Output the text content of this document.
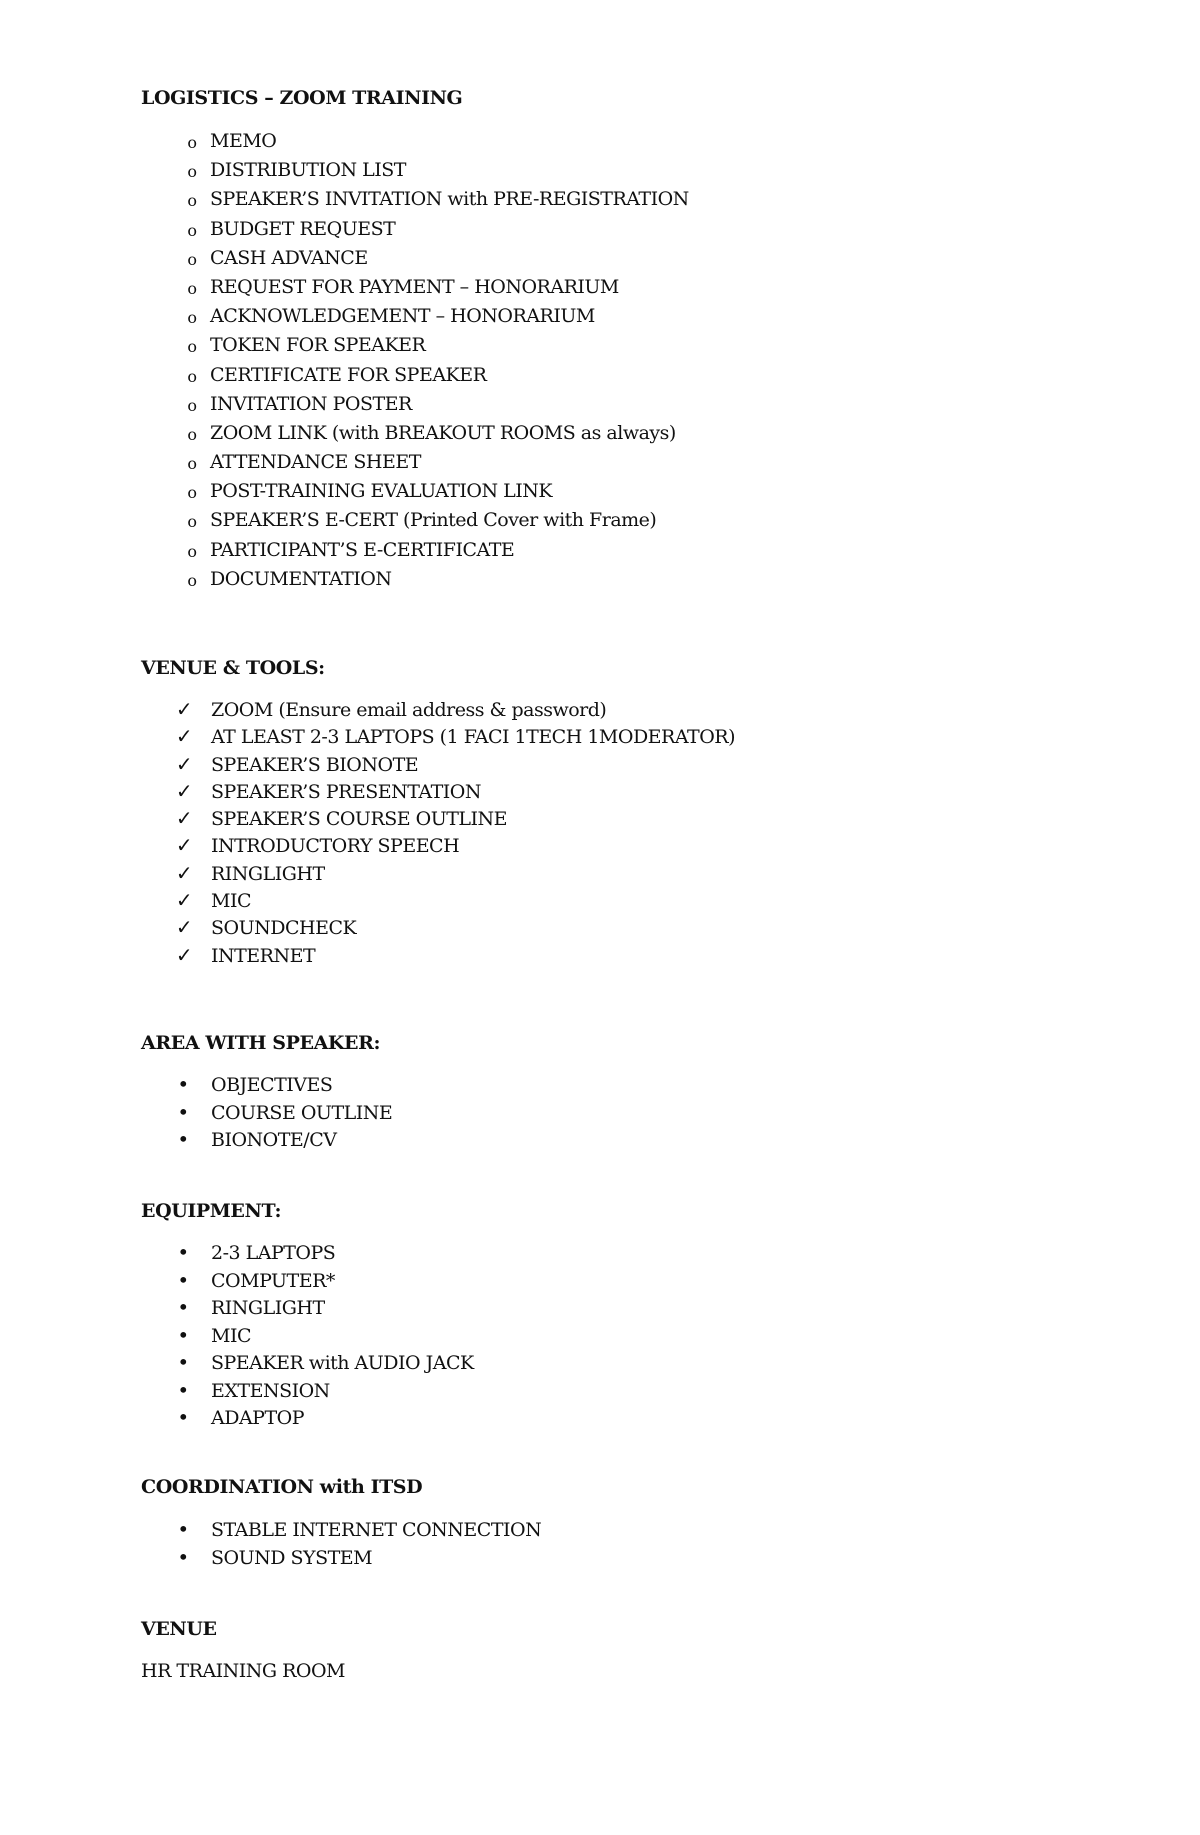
LOGISTICS – ZOOM TRAINING
o MEMO
o DISTRIBUTION LIST
o SPEAKER’S INVITATION with PRE-REGISTRATION
o BUDGET REQUEST
o CASH ADVANCE
o REQUEST FOR PAYMENT – HONORARIUM
o ACKNOWLEDGEMENT – HONORARIUM
o TOKEN FOR SPEAKER
o CERTIFICATE FOR SPEAKER
o INVITATION POSTER
o ZOOM LINK (with BREAKOUT ROOMS as always)
o ATTENDANCE SHEET
o POST-TRAINING EVALUATION LINK
o SPEAKER’S E-CERT (Printed Cover with Frame)
o PARTICIPANT’S E-CERTIFICATE
o DOCUMENTATION
VENUE & TOOLS:
✓ ZOOM (Ensure email address & password)
✓ AT LEAST 2-3 LAPTOPS (1 FACI 1TECH 1MODERATOR)
✓ SPEAKER’S BIONOTE
✓ SPEAKER’S PRESENTATION
✓ SPEAKER’S COURSE OUTLINE
✓ INTRODUCTORY SPEECH
✓ RINGLIGHT
✓ MIC
✓ SOUNDCHECK
✓ INTERNET
AREA WITH SPEAKER:
• OBJECTIVES
• COURSE OUTLINE
• BIONOTE/CV
EQUIPMENT:
• 2-3 LAPTOPS
• COMPUTER*
• RINGLIGHT
• MIC
• SPEAKER with AUDIO JACK
• EXTENSION
• ADAPTOP
COORDINATION with ITSD
• STABLE INTERNET CONNECTION
• SOUND SYSTEM
VENUE
HR TRAINING ROOM
